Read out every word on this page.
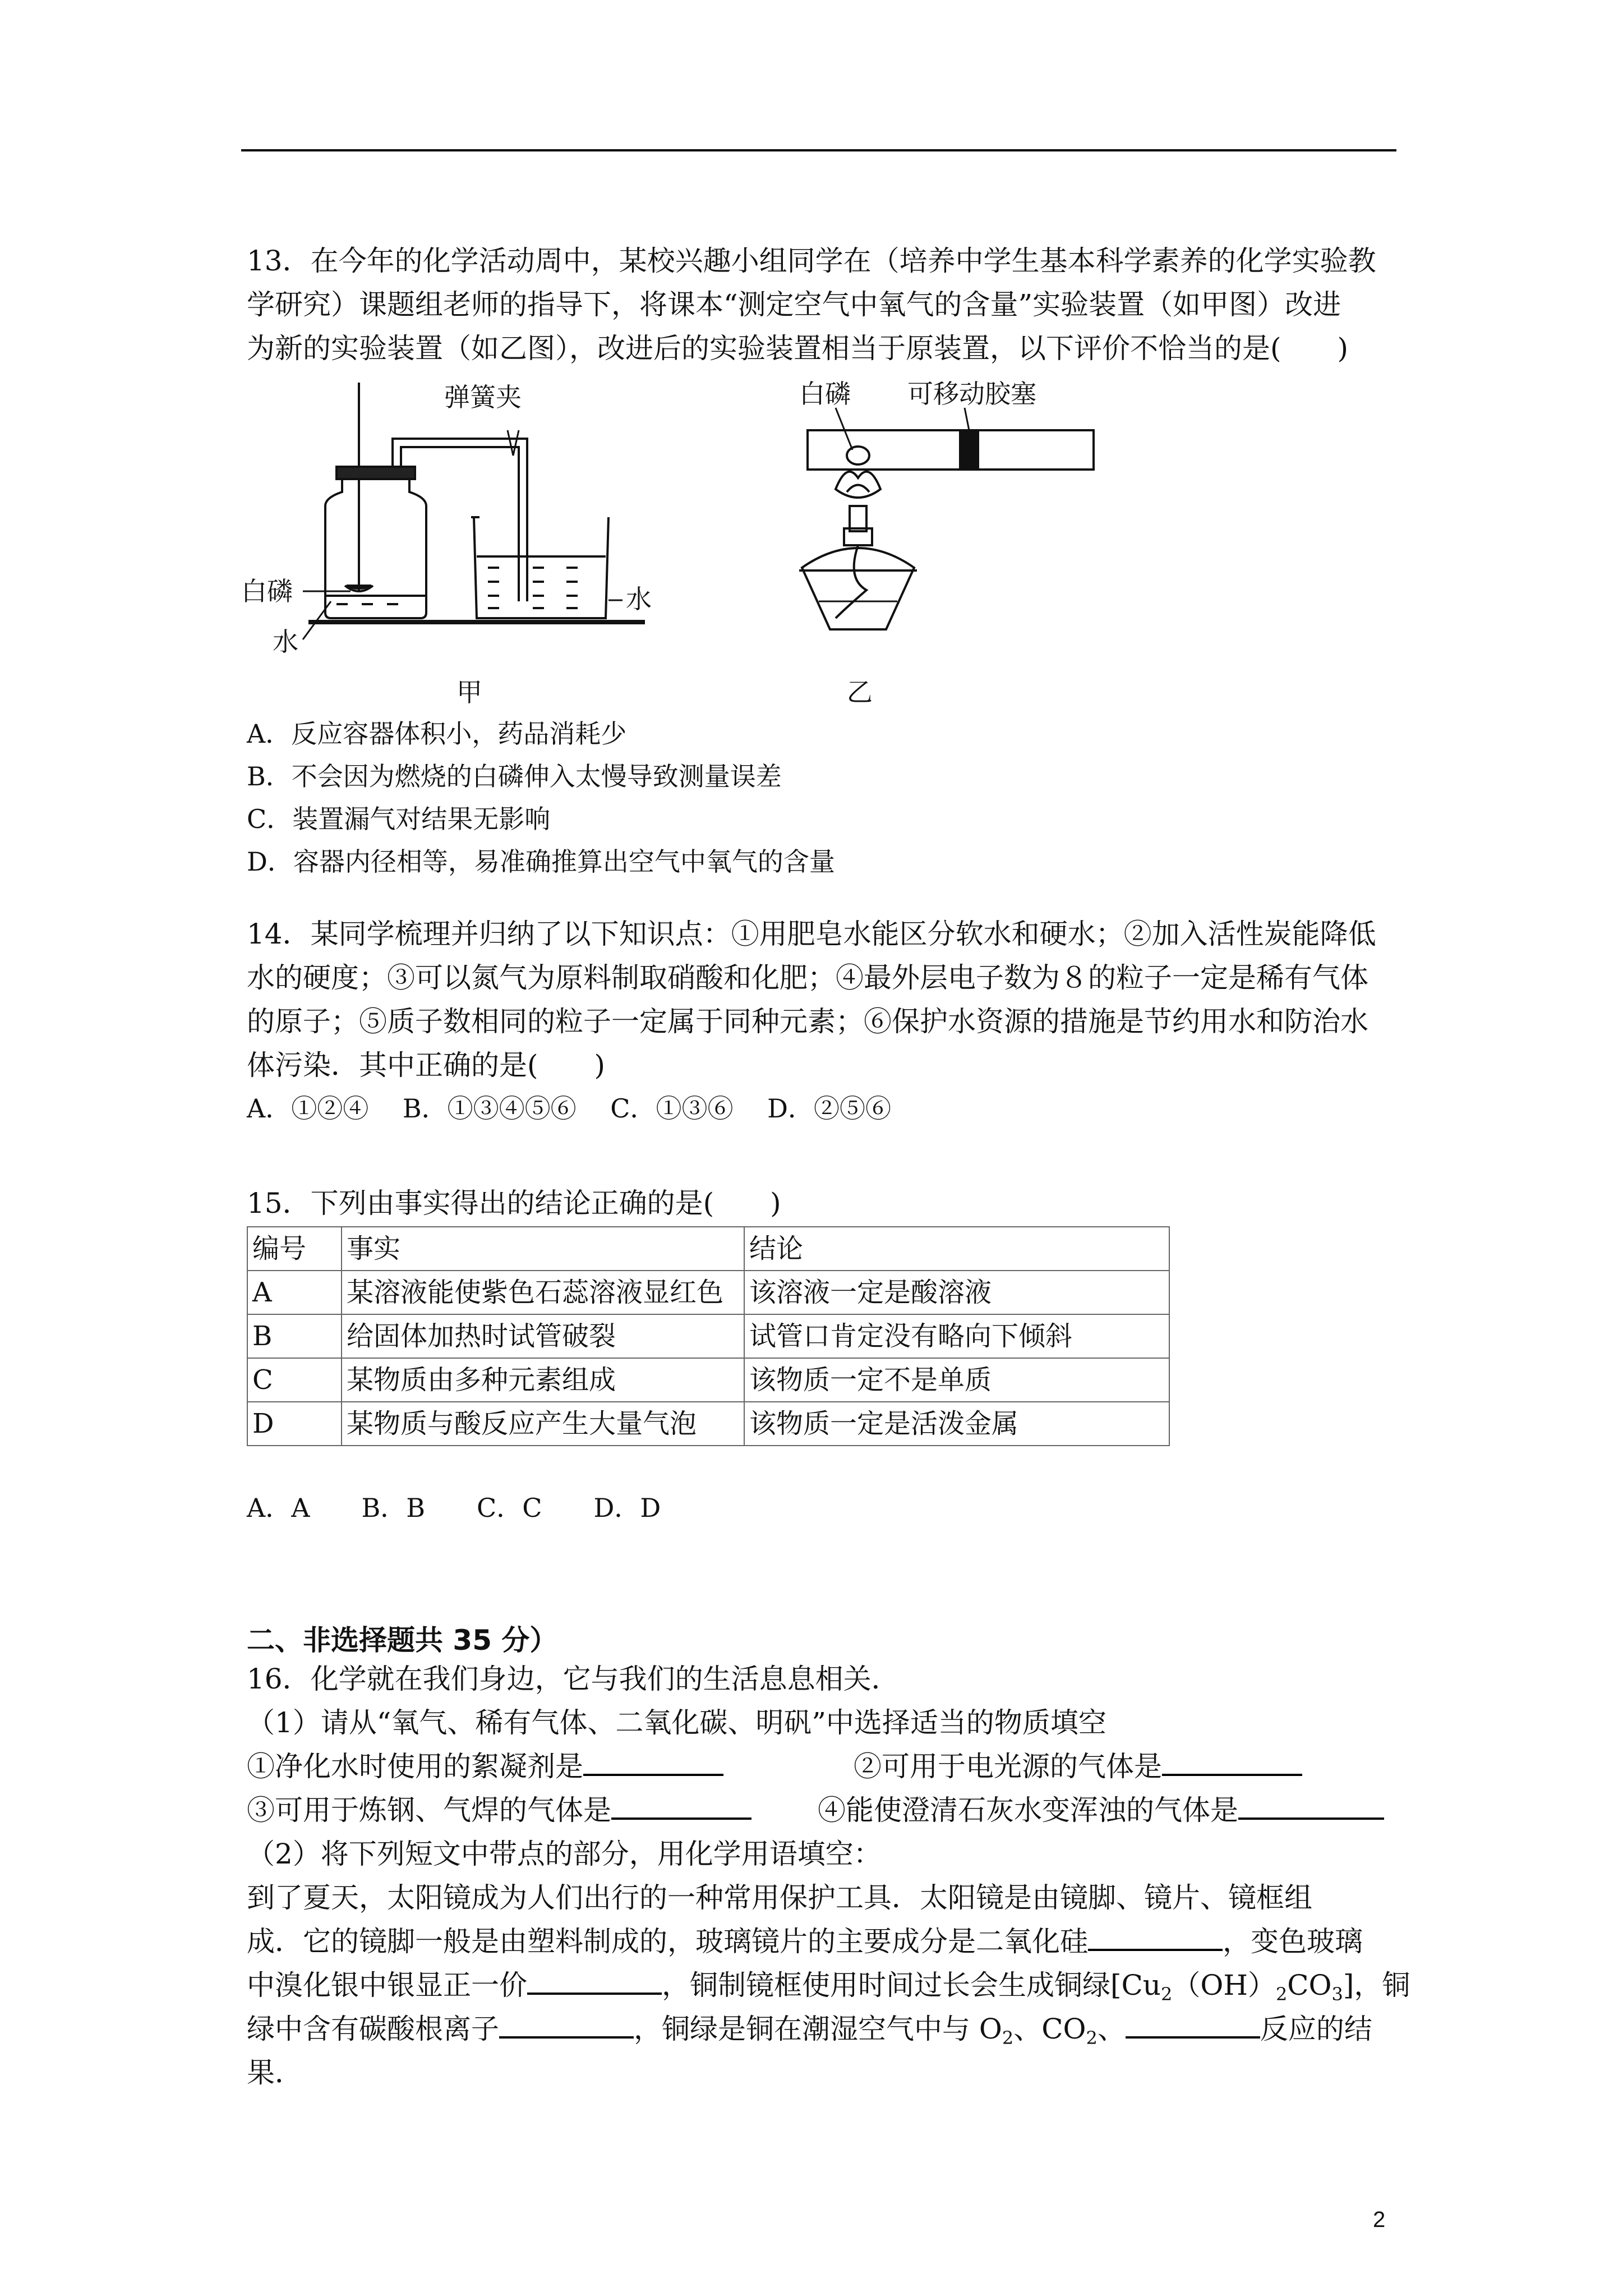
13．在今年的化学活动周中，某校兴趣小组同学在（培养中学生基本科学素养的化学实验教
学研究）课题组老师的指导下，将课本“测定空气中氧气的含量”实验装置（如甲图）改进
为新的实验装置（如乙图），改进后的实验装置相当于原装置，以下评价不恰当的是(　　)
弹簧夹
白磷
水
水
甲
白磷 可移动胶塞
乙
A．反应容器体积小，药品消耗少
B．不会因为燃烧的白磷伸入太慢导致测量误差
C．装置漏气对结果无影响
D．容器内径相等，易准确推算出空气中氧气的含量
14．某同学梳理并归纳了以下知识点：①用肥皂水能区分软水和硬水；②加入活性炭能降低
水的硬度；③可以氮气为原料制取硝酸和化肥；④最外层电子数为８的粒子一定是稀有气体
的原子；⑤质子数相同的粒子一定属于同种元素；⑥保护水资源的措施是节约用水和防治水
体污染．其中正确的是(　　)
A．①②④　 B．①③④⑤⑥　 C．①③⑥　 D．②⑤⑥
15．下列由事实得出的结论正确的是(　　)
编号	事实	结论
A	某溶液能使紫色石蕊溶液显红色	该溶液一定是酸溶液
B	给固体加热时试管破裂	试管口肯定没有略向下倾斜
C	某物质由多种元素组成	该物质一定不是单质
D	某物质与酸反应产生大量气泡	该物质一定是活泼金属
A．A　　B．B　　C．C　　D．D
二、非选择题共 35 分）
16．化学就在我们身边，它与我们的生活息息相关．
（1）请从“氧气、稀有气体、二氧化碳、明矾”中选择适当的物质填空
①净化水时使用的絮凝剂是	②可用于电光源的气体是
③可用于炼钢、气焊的气体是	④能使澄清石灰水变浑浊的气体是
（2）将下列短文中带点的部分，用化学用语填空：
到了夏天，太阳镜成为人们出行的一种常用保护工具．太阳镜是由镜脚、镜片、镜框组
成．它的镜脚一般是由塑料制成的，玻璃镜片的主要成分是二氧化硅	，变色玻璃
中溴化银中银显正一价	，铜制镜框使用时间过长会生成铜绿$[Cu_2(OH)_2CO_3]$，铜
绿中含有碳酸根离子	，铜绿是铜在潮湿空气中与 $O_2$、$CO_2$、	反应的结
果．
2
